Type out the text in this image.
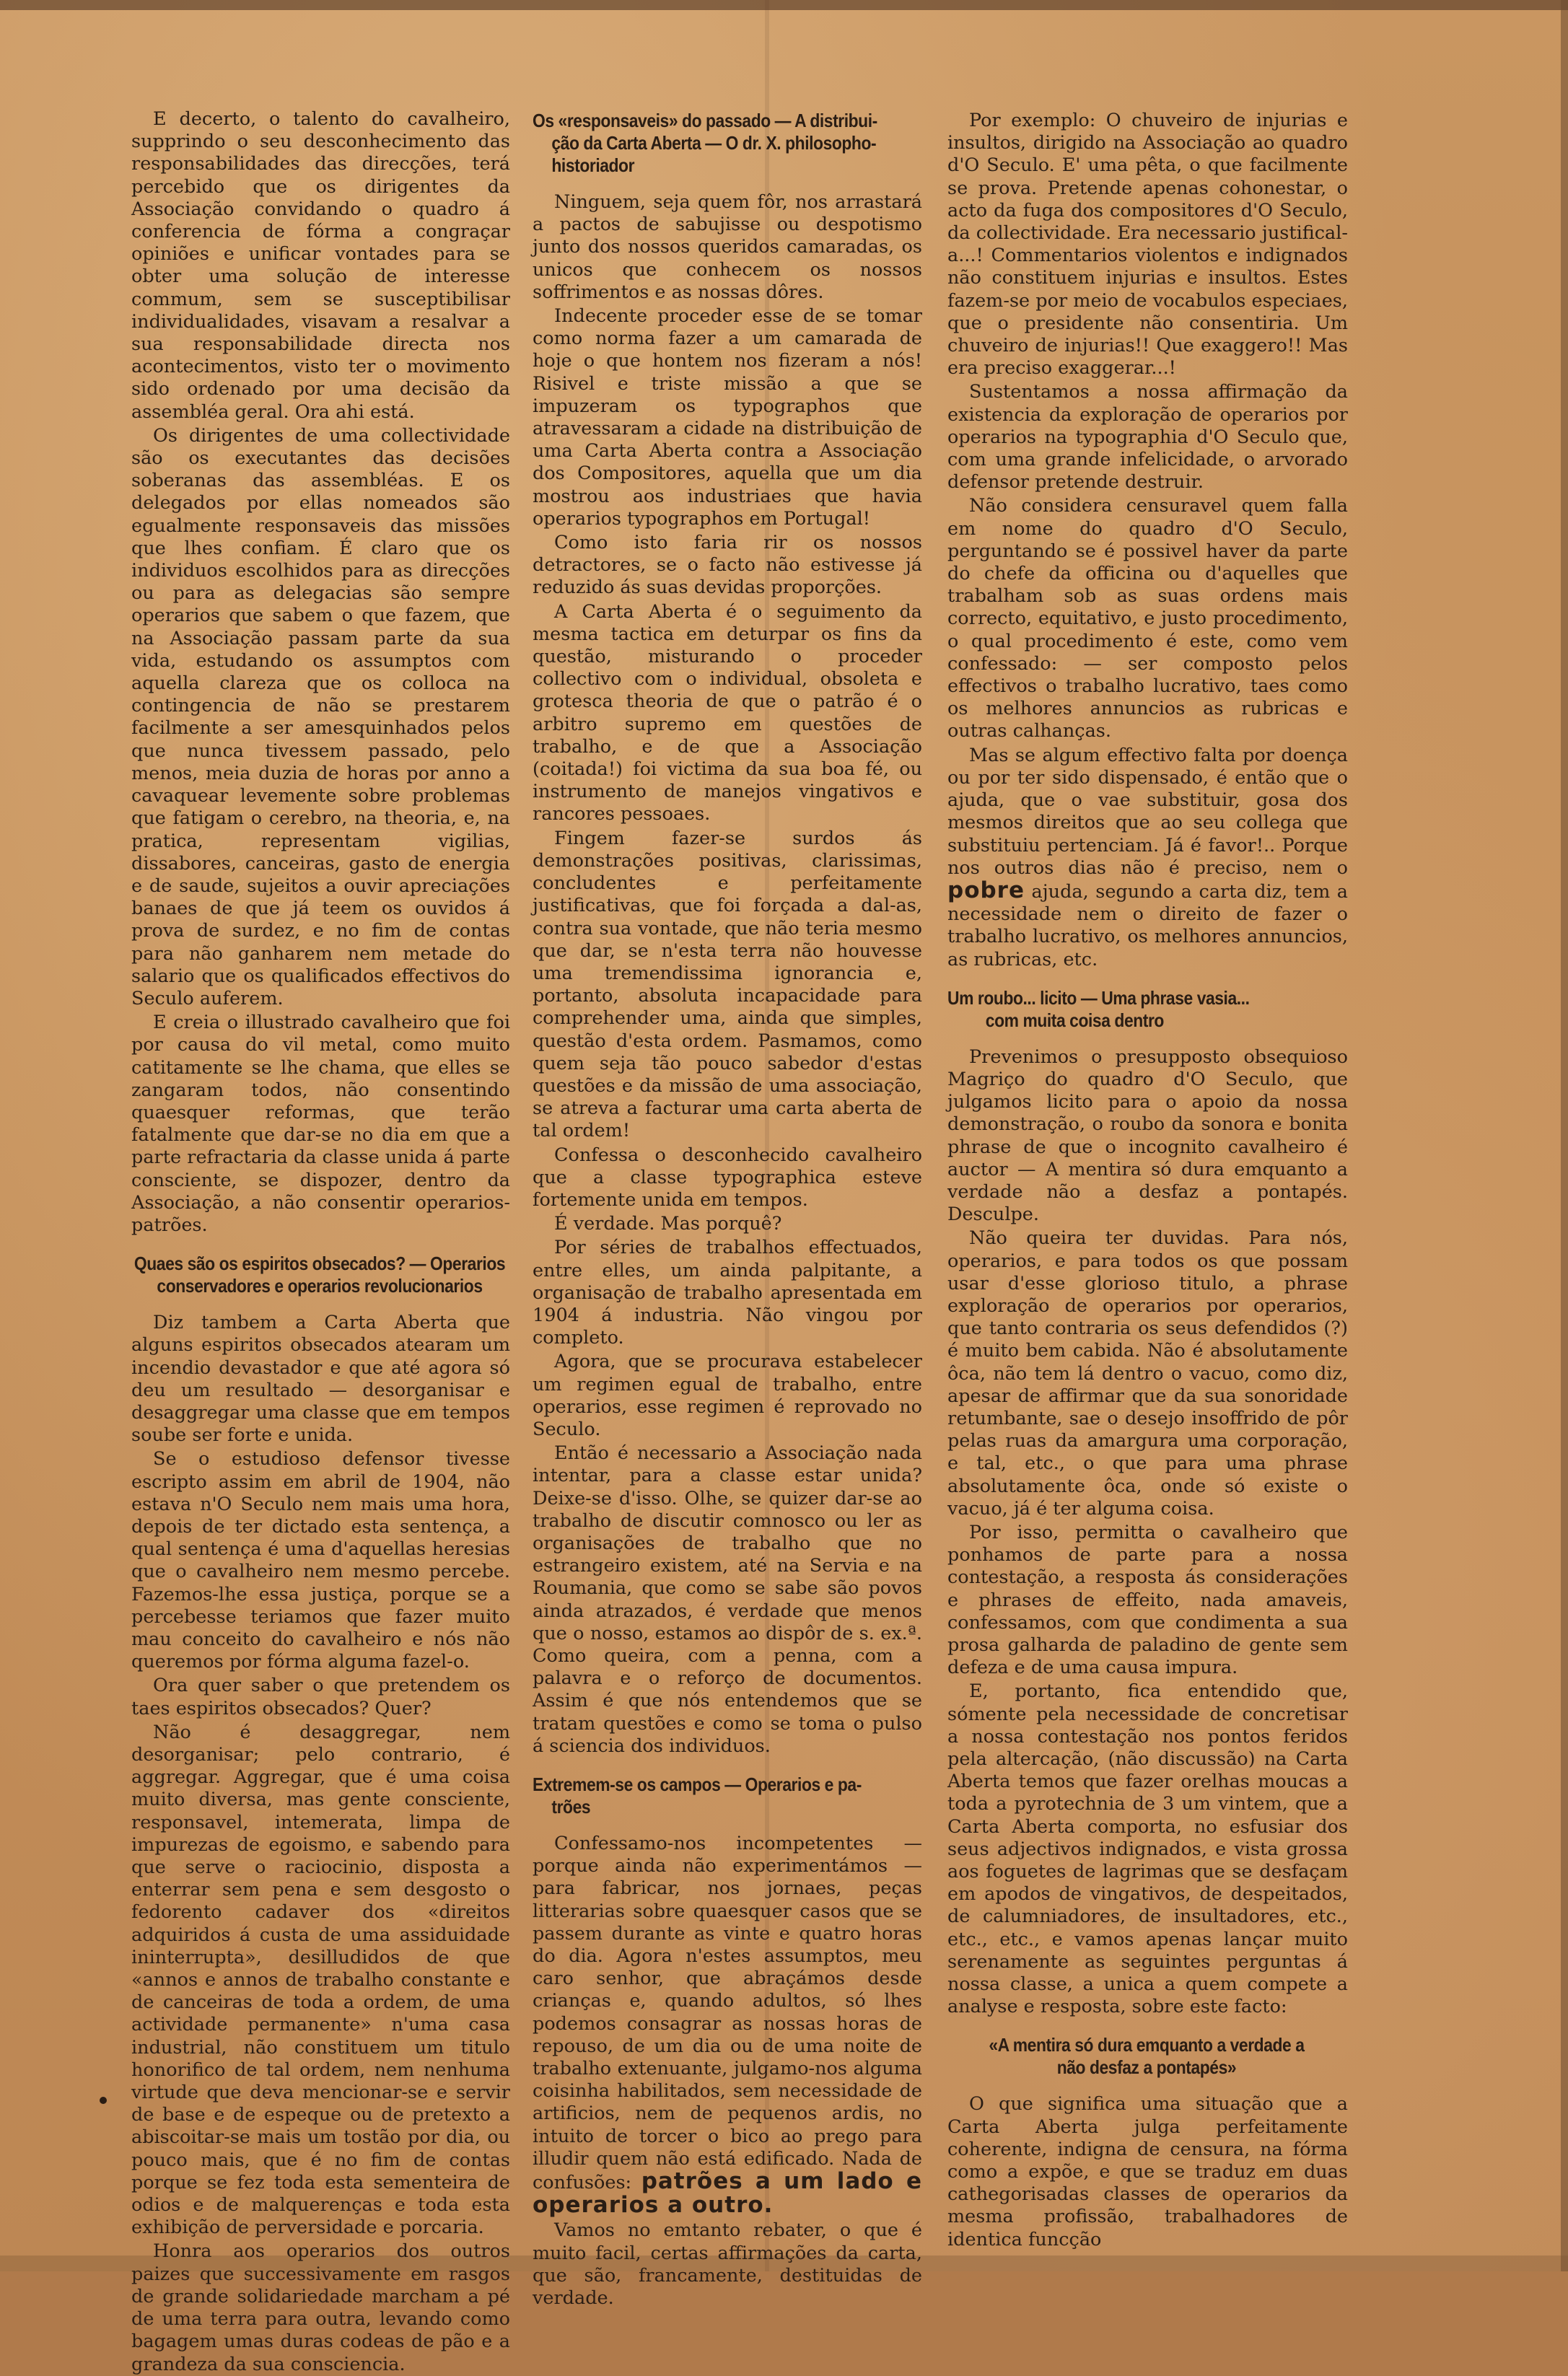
E decerto, o talento do cavalheiro, supprindo o seu desconhecimento das responsabilidades das direcções, terá percebido que os dirigentes da Associação convidando o quadro á conferencia de fórma a congraçar opiniões e unificar vontades para se obter uma solução de interesse commum, sem se susceptibilisar individualidades, visavam a resalvar a sua responsabilidade directa nos acontecimentos, visto ter o movimento sido ordenado por uma decisão da assembléa geral. Ora ahi está.

Os dirigentes de uma collectividade são os executantes das decisões soberanas das assembléas. E os delegados por ellas nomeados são egualmente responsaveis das missões que lhes confiam. É claro que os individuos escolhidos para as direcções ou para as delegacias são sempre operarios que sabem o que fazem, que na Associação passam parte da sua vida, estudando os assumptos com aquella clareza que os colloca na contingencia de não se prestarem facilmente a ser amesquinhados pelos que nunca tivessem passado, pelo menos, meia duzia de horas por anno a cavaquear levemente sobre problemas que fatigam o cerebro, na theoria, e, na pratica, representam vigilias, dissabores, canceiras, gasto de energia e de saude, sujeitos a ouvir apreciações banaes de que já teem os ouvidos á prova de surdez, e no fim de contas para não ganharem nem metade do salario que os qualificados effectivos do Seculo auferem.

E creia o illustrado cavalheiro que foi por causa do vil metal, como muito catitamente se lhe chama, que elles se zangaram todos, não consentindo quaesquer reformas, que terão fatalmente que dar-se no dia em que a parte refractaria da classe unida á parte consciente, se dispozer, dentro da Associação, a não consentir operarios-patrões.

Quaes são os espiritos obsecados? — Operarios
conservadores e operarios revolucionarios

Diz tambem a Carta Aberta que alguns espiritos obsecados atearam um incendio devastador e que até agora só deu um resultado — desorganisar e desaggregar uma classe que em tempos soube ser forte e unida.

Se o estudioso defensor tivesse escripto assim em abril de 1904, não estava n'O Seculo nem mais uma hora, depois de ter dictado esta sentença, a qual sentença é uma d'aquellas heresias que o cavalheiro nem mesmo percebe. Fazemos-lhe essa justiça, porque se a percebesse teriamos que fazer muito mau conceito do cavalheiro e nós não queremos por fórma alguma fazel-o.

Ora quer saber o que pretendem os taes espiritos obsecados? Quer?

Não é desaggregar, nem desorganisar; pelo contrario, é aggregar. Aggregar, que é uma coisa muito diversa, mas gente consciente, responsavel, intemerata, limpa de impurezas de egoismo, e sabendo para que serve o raciocinio, disposta a enterrar sem pena e sem desgosto o fedorento cadaver dos «direitos adquiridos á custa de uma assiduidade ininterrupta», desilludidos de que «annos e annos de trabalho constante e de canceiras de toda a ordem, de uma actividade permanente» n'uma casa industrial, não constituem um titulo honorifico de tal ordem, nem nenhuma virtude que deva mencionar-se e servir de base e de espeque ou de pretexto a abiscoitar-se mais um tostão por dia, ou pouco mais, que é no fim de contas porque se fez toda esta sementeira de odios e de malquerenças e toda esta exhibição de perversidade e porcaria.

Honra aos operarios dos outros paizes que successivamente em rasgos de grande solidariedade marcham a pé de uma terra para outra, levando como bagagem umas duras codeas de pão e a grandeza da sua consciencia.

Os «responsaveis» do passado — A distribui-
ção da Carta Aberta — O dr. X. philosopho-
historiador

Ninguem, seja quem fôr, nos arrastará a pactos de sabujisse ou despotismo junto dos nossos queridos camaradas, os unicos que conhecem os nossos soffrimentos e as nossas dôres.

Indecente proceder esse de se tomar como norma fazer a um camarada de hoje o que hontem nos fizeram a nós! Risivel e triste missão a que se impuzeram os typographos que atravessaram a cidade na distribuição de uma Carta Aberta contra a Associação dos Compositores, aquella que um dia mostrou aos industriaes que havia operarios typographos em Portugal!

Como isto faria rir os nossos detractores, se o facto não estivesse já reduzido ás suas devidas proporções.

A Carta Aberta é o seguimento da mesma tactica em deturpar os fins da questão, misturando o proceder collectivo com o individual, obsoleta e grotesca theoria de que o patrão é o arbitro supremo em questões de trabalho, e de que a Associação (coitada!) foi victima da sua boa fé, ou instrumento de manejos vingativos e rancores pessoaes.

Fingem fazer-se surdos ás demonstrações positivas, clarissimas, concludentes e perfeitamente justificativas, que foi forçada a dal-as, contra sua vontade, que não teria mesmo que dar, se n'esta terra não houvesse uma tremendissima ignorancia e, portanto, absoluta incapacidade para comprehender uma, ainda que simples, questão d'esta ordem. Pasmamos, como quem seja tão pouco sabedor d'estas questões e da missão de uma associação, se atreva a facturar uma carta aberta de tal ordem!

Confessa o desconhecido cavalheiro que a classe typographica esteve fortemente unida em tempos.

É verdade. Mas porquê?

Por séries de trabalhos effectuados, entre elles, um ainda palpitante, a organisação de trabalho apresentada em 1904 á industria. Não vingou por completo.

Agora, que se procurava estabelecer um regimen egual de trabalho, entre operarios, esse regimen é reprovado no Seculo.

Então é necessario a Associação nada intentar, para a classe estar unida? Deixe-se d'isso. Olhe, se quizer dar-se ao trabalho de discutir comnosco ou ler as organisações de trabalho que no estrangeiro existem, até na Servia e na Roumania, que como se sabe são povos ainda atrazados, é verdade que menos que o nosso, estamos ao dispôr de s. ex.ª. Como queira, com a penna, com a palavra e o reforço de documentos. Assim é que nós entendemos que se tratam questões e como se toma o pulso á sciencia dos individuos.

Extremem-se os campos — Operarios e pa-
trões

Confessamo-nos incompetentes — porque ainda não experimentámos — para fabricar, nos jornaes, peças litterarias sobre quaesquer casos que se passem durante as vinte e quatro horas do dia. Agora n'estes assumptos, meu caro senhor, que abraçámos desde crianças e, quando adultos, só lhes podemos consagrar as nossas horas de repouso, de um dia ou de uma noite de trabalho extenuante, julgamo-nos alguma coisinha habilitados, sem necessidade de artificios, nem de pequenos ardis, no intuito de torcer o bico ao prego para illudir quem não está edificado. Nada de confusões: patrões a um lado e operarios a outro.

Vamos no emtanto rebater, o que é muito facil, certas affirmações da carta, que são, francamente, destituidas de verdade.

Por exemplo: O chuveiro de injurias e insultos, dirigido na Associação ao quadro d'O Seculo. E' uma pêta, o que facilmente se prova. Pretende apenas cohonestar, o acto da fuga dos compositores d'O Seculo, da collectividade. Era necessario justifical-a...! Commentarios violentos e indignados não constituem injurias e insultos. Estes fazem-se por meio de vocabulos especiaes, que o presidente não consentiria. Um chuveiro de injurias!! Que exaggero!! Mas era preciso exaggerar...!

Sustentamos a nossa affirmação da existencia da exploração de operarios por operarios na typographia d'O Seculo que, com uma grande infelicidade, o arvorado defensor pretende destruir.

Não considera censuravel quem falla em nome do quadro d'O Seculo, perguntando se é possivel haver da parte do chefe da officina ou d'aquelles que trabalham sob as suas ordens mais correcto, equitativo, e justo procedimento, o qual procedimento é este, como vem confessado: — ser composto pelos effectivos o trabalho lucrativo, taes como os melhores annuncios as rubricas e outras calhanças.

Mas se algum effectivo falta por doença ou por ter sido dispensado, é então que o ajuda, que o vae substituir, gosa dos mesmos direitos que ao seu collega que substituiu pertenciam. Já é favor!.. Porque nos outros dias não é preciso, nem o pobre ajuda, segundo a carta diz, tem a necessidade nem o direito de fazer o trabalho lucrativo, os melhores annuncios, as rubricas, etc.

Um roubo... licito — Uma phrase vasia...
com muita coisa dentro

Prevenimos o presupposto obsequioso Magriço do quadro d'O Seculo, que julgamos licito para o apoio da nossa demonstração, o roubo da sonora e bonita phrase de que o incognito cavalheiro é auctor — A mentira só dura emquanto a verdade não a desfaz a pontapés. Desculpe.

Não queira ter duvidas. Para nós, operarios, e para todos os que possam usar d'esse glorioso titulo, a phrase exploração de operarios por operarios, que tanto contraria os seus defendidos (?) é muito bem cabida. Não é absolutamente ôca, não tem lá dentro o vacuo, como diz, apesar de affirmar que da sua sonoridade retumbante, sae o desejo insoffrido de pôr pelas ruas da amargura uma corporação, e tal, etc., o que para uma phrase absolutamente ôca, onde só existe o vacuo, já é ter alguma coisa.

Por isso, permitta o cavalheiro que ponhamos de parte para a nossa contestação, a resposta ás considerações e phrases de effeito, nada amaveis, confessamos, com que condimenta a sua prosa galharda de paladino de gente sem defeza e de uma causa impura.

E, portanto, fica entendido que, sómente pela necessidade de concretisar a nossa contestação nos pontos feridos pela altercação, (não discussão) na Carta Aberta temos que fazer orelhas moucas a toda a pyrotechnia de 3 um vintem, que a Carta Aberta comporta, no esfusiar dos seus adjectivos indignados, e vista grossa aos foguetes de lagrimas que se desfaçam em apodos de vingativos, de despeitados, de calumniadores, de insultadores, etc., etc., etc., e vamos apenas lançar muito serenamente as seguintes perguntas á nossa classe, a unica a quem compete a analyse e resposta, sobre este facto:

«A mentira só dura emquanto a verdade a
não desfaz a pontapés»

O que significa uma situação que a Carta Aberta julga perfeitamente coherente, indigna de censura, na fórma como a expõe, e que se traduz em duas cathegorisadas classes de operarios da mesma profissão, trabalhadores de identica funcção
